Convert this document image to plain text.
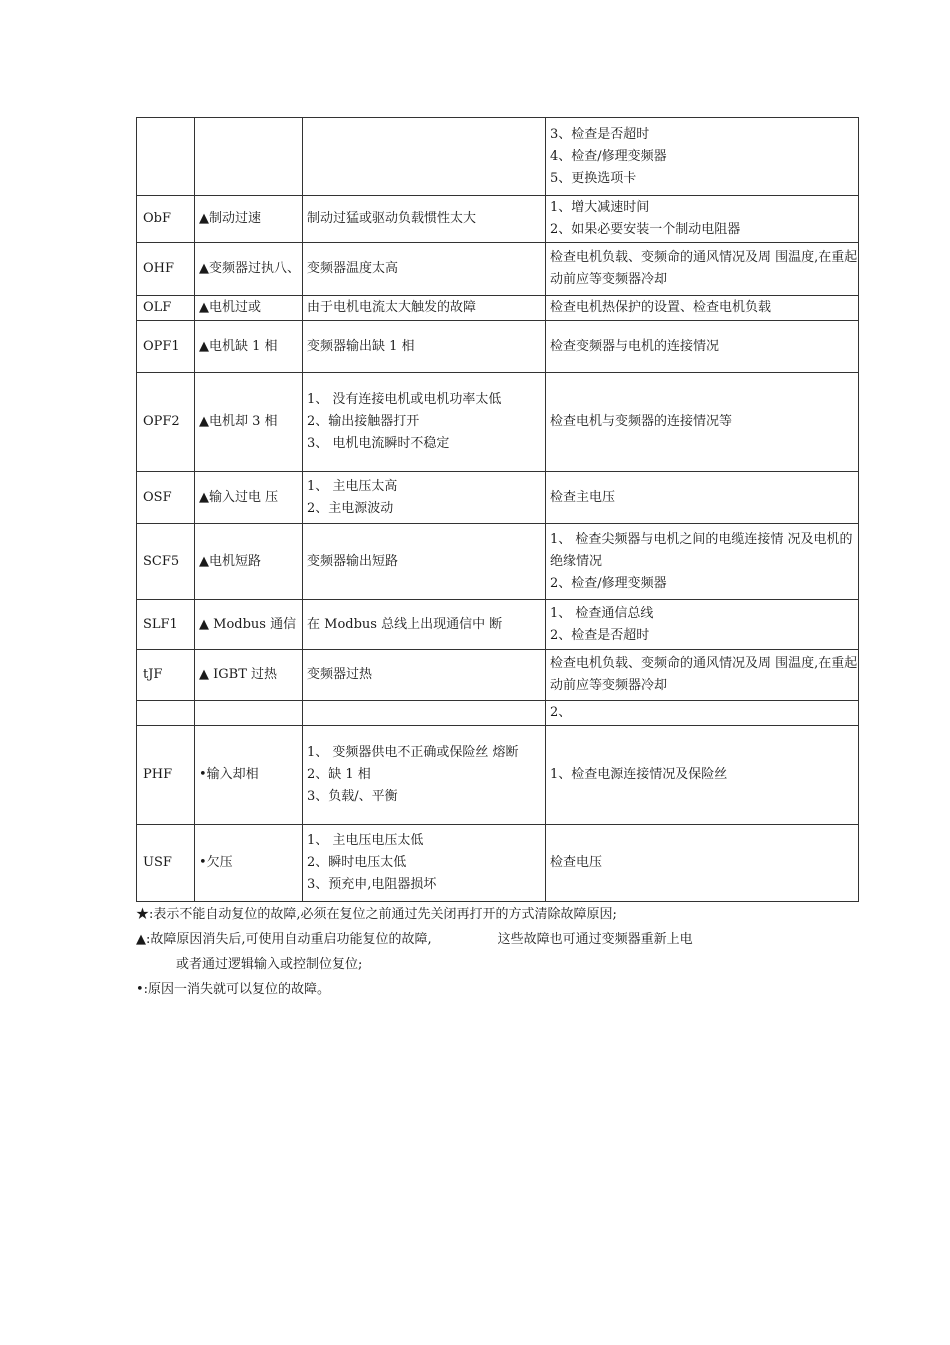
			3、检查是否超时
4、检查/修理变频器
5、更换选项卡

ObF	▲制动过速	制动过猛或驱动负载惯性太大	1、增大减速时间
2、如果必要安装一个制动电阻器

OHF	▲变频器过执八、	变频器温度太高	检查电机负载、变频命的通风情况及周 围温度,在重起动前应等变频器冷却

OLF	▲电机过或	由于电机电流太大触发的故障	检查电机热保护的设置、检查电机负载

OPF1	▲电机缺 1 相	变频器输出缺 1 相	检查变频器与电机的连接情况

OPF2	▲电机却 3 相	1、 没有连接电机或电机功率太低
2、输出接触器打开
3、 电机电流瞬时不稳定	检查电机与变频器的连接情况等

OSF	▲输入过电 压	1、 主电压太高
2、主电源波动	检查主电压

SCF5	▲电机短路	变频器输出短路	1、 检查尖频器与电机之间的电缆连接情 况及电机的绝缘情况
2、检查/修理变频器

SLF1	▲ Modbus 通信	在 Modbus 总线上出现通信中 断	1、 检查通信总线
2、检查是否超时

tJF	▲ IGBT 过热	变频器过热	检查电机负载、变频命的通风情况及周 围温度,在重起动前应等变频器冷却

			2、

PHF	•输入却相	1、 变频器供电不正确或保险丝 熔断
2、缺 1 相
3、负载/、平衡	1、检查电源连接情况及保险丝

USF	•欠压	1、 主电压电压太低
2、瞬时电压太低
3、预充申,电阻器损坏	检查电压
★:表示不能自动复位的故障,必须在复位之前通过先关闭再打开的方式清除故障原因;
▲:故障原因消失后,可使用自动重启功能复位的故障,	这些故障也可通过变频器重新上电
或者通过逻辑输入或控制位复位;
•:原因一消失就可以复位的故障。
